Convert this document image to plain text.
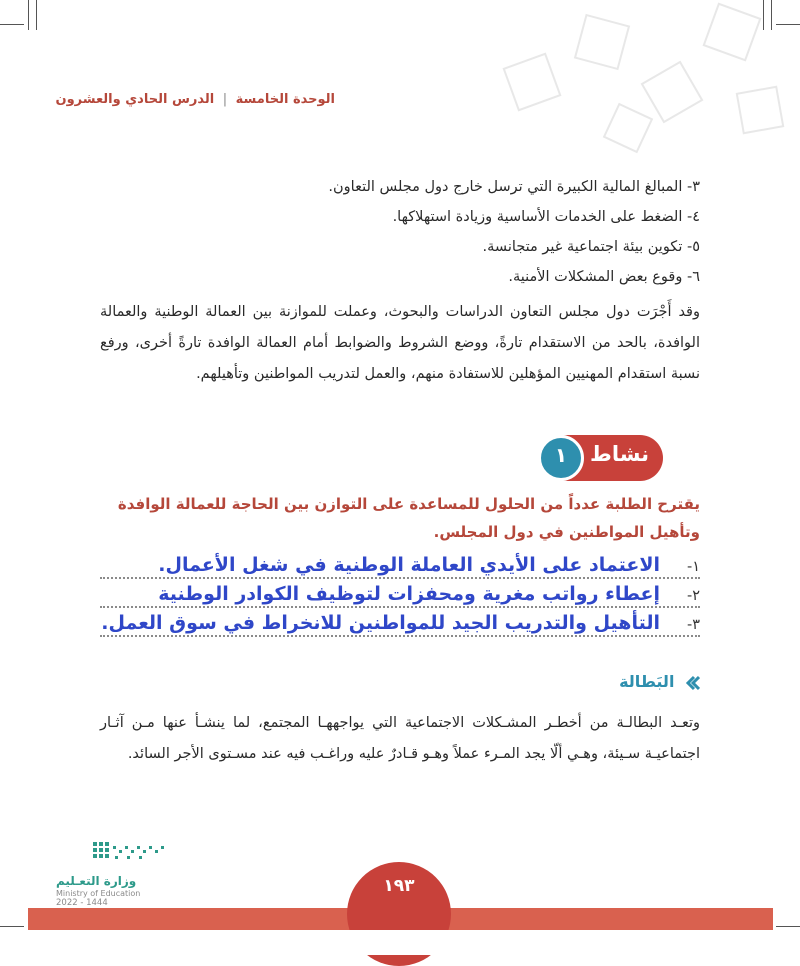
الوحدة الخامسة | الدرس الحادي والعشرون
٣- المبالغ المالية الكبيرة التي ترسل خارج دول مجلس التعاون.
٤- الضغط على الخدمات الأساسية وزيادة استهلاكها.
٥- تكوين بيئة اجتماعية غير متجانسة.
٦- وقوع بعض المشكلات الأمنية.
وقد أَجْرَت دول مجلس التعاون الدراسات والبحوث، وعملت للموازنة بين العمالة الوطنية والعمالة الوافدة، بالحد من الاستقدام تارةً، ووضع الشروط والضوابط أمام العمالة الوافدة تارةً أخرى، ورفع نسبة استقدام المهنيين المؤهلين للاستفادة منهم، والعمل لتدريب المواطنين وتأهيلهم.
نشاط
١
يقترح الطلبة عدداً من الحلول للمساعدة على التوازن بين الحاجة للعمالة الوافدة وتأهيل المواطنين في دول المجلس.
١-
الاعتماد على الأيدي العاملة الوطنية في شغل الأعمال.
٢-
إعطاء رواتب مغرية ومحفزات لتوظيف الكوادر الوطنية
٣-
التأهيل والتدريب الجيد للمواطنين للانخراط في سوق العمل.
البَطالة
وتعـد البطالـة من أخطـر المشـكلات الاجتماعية التي يواجههـا المجتمع، لما ينشـأ عنها مـن آثـار اجتماعيـة سـيئة، وهـي ألّا يجد المـرء عملاً وهـو قـادرٌ عليه وراغـب فيه عند مسـتوى الأجر السائد.
١٩٣
وزارة التعـليم
Ministry of Education
2022 - 1444
